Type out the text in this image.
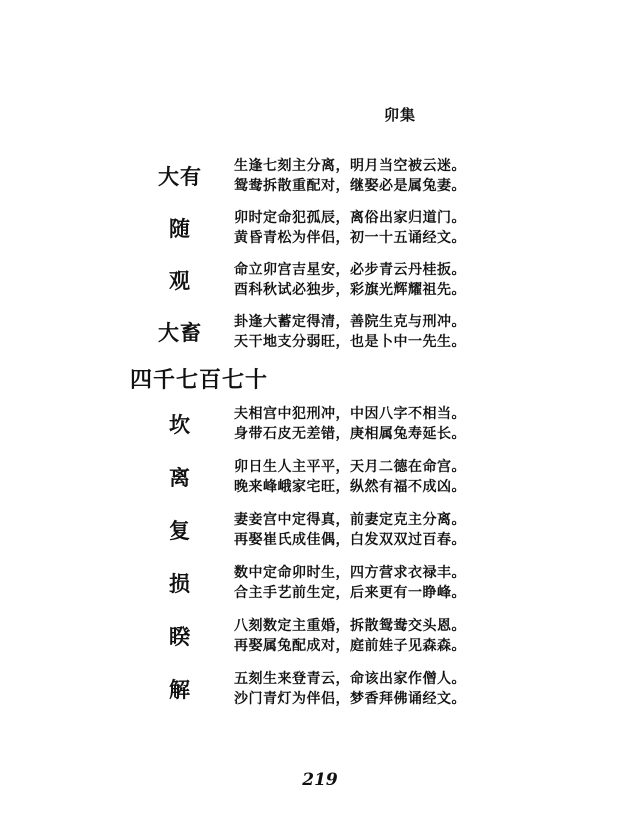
卯集
大有	生逢七刻主分离，明月当空被云迷。
鸳鸯拆散重配对，继娶必是属兔妻。
随	卯时定命犯孤辰，离俗出家归道门。
黄昏青松为伴侣，初一十五诵经文。
观	命立卯宫吉星安，必步青云丹桂扳。
酉科秋试必独步，彩旗光辉耀祖先。
大畜	卦逢大蓄定得清，善院生克与刑冲。
天干地支分弱旺，也是卜中一先生。
四千七百七十
坎	夫相宫中犯刑冲，中因八字不相当。
身带石皮无差错，庚相属兔寿延长。
离	卯日生人主平平，天月二德在命宫。
晚来峰峨家宅旺，纵然有福不成凶。
复	妻妾宫中定得真，前妻定克主分离。
再娶崔氏成佳偶，白发双双过百春。
损	数中定命卯时生，四方营求衣禄丰。
合主手艺前生定，后来更有一睁峰。
睽	八刻数定主重婚，拆散鸳鸯交头恩。
再娶属兔配成对，庭前娃子见森森。
解	五刻生来登青云，命该出家作僧人。
沙门青灯为伴侣，梦香拜佛诵经文。
219
